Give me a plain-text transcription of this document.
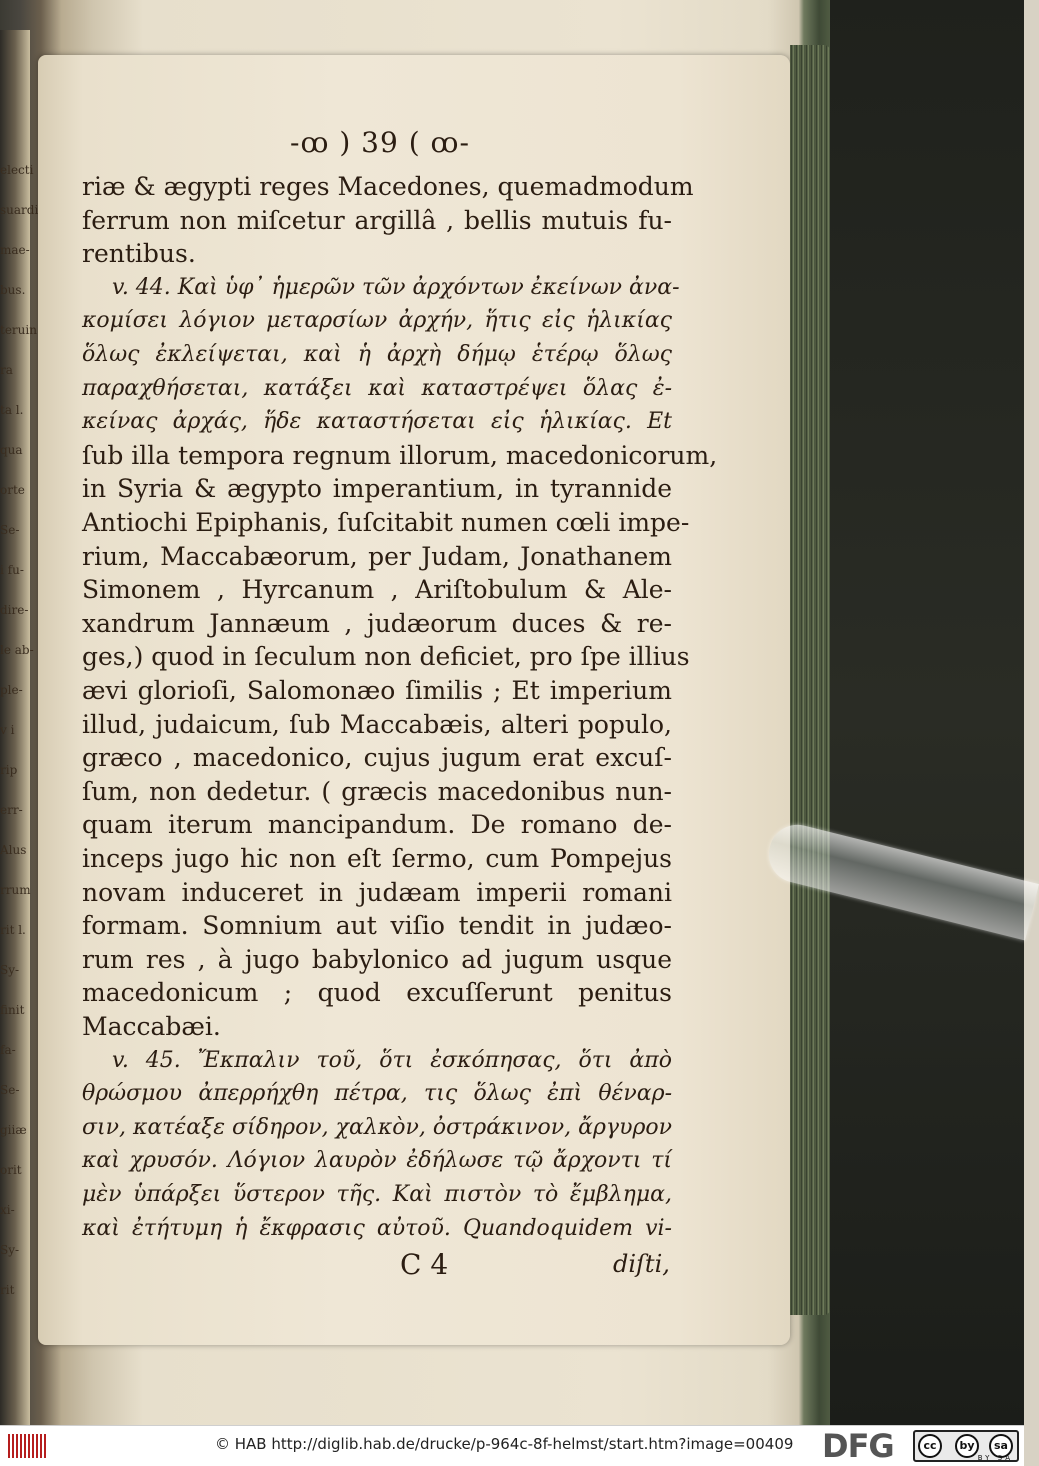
electi
suardi
mae-
bus.
teruin
ra
ta l.
qua
orte
Se-
i fu-
dire-
le ab-
ple-
v i
rip
err-
Alus
rrum
rit l.
Sy-
finit
fa-
Se-
giiæ
orit
xi-
Sy-
rit
-ꝏ ) 39 ( ꝏ-
C 4	diſti,
riæ & ægypti reges Macedones, quemadmodum
ferrum non miſcetur argillâ , bellis mutuis fu-
rentibus.
v. 44. Καὶ ὑφ᾽ ἡμερῶν τῶν ἀρχόντων ἐκείνων ἀνα-
κομίσει λόγιον μεταρσίων ἀρχήν, ἥτις εἰς ἡλικίας
ὅλως ἐκλείψεται, καὶ ἡ ἀρχὴ δήμῳ ἑτέρῳ ὅλως
παραχθήσεται, κατάξει καὶ καταστρέψει ὅλας ἐ-
κείνας ἀρχάς, ἥδε καταστήσεται εἰς ἡλικίας. Et
ſub illa tempora regnum illorum, macedonicorum,
in Syria & ægypto imperantium, in tyrannide
Antiochi Epiphanis, ſuſcitabit numen cœli impe-
rium, Maccabæorum, per Judam, Jonathanem
Simonem , Hyrcanum , Ariſtobulum & Ale-
xandrum Jannæum , judæorum duces & re-
ges,) quod in ſeculum non deficiet, pro ſpe illius
ævi glorioſi, Salomonæo ſimilis ; Et imperium
illud, judaicum, ſub Maccabæis, alteri populo,
græco , macedonico, cujus jugum erat excuſ-
ſum, non dedetur. ( græcis macedonibus nun-
quam iterum mancipandum. De romano de-
inceps jugo hic non eſt ſermo, cum Pompejus
novam induceret in judæam imperii romani
formam. Somnium aut viſio tendit in judæo-
rum res , à jugo babylonico ad jugum usque
macedonicum ; quod excuſſerunt penitus
Maccabæi.
v. 45. Ἔκπαλιν τοῦ, ὅτι ἐσκόπησας, ὅτι ἀπὸ
θρώσμου ἀπερρήχθη πέτρα, τις ὅλως ἐπὶ θέναρ-
σιν, κατέαξε σίδηρον, χαλκὸν, ὀστράκινον, ἄργυρον
καὶ χρυσόν. Λόγιον λαυρὸν ἐδήλωσε τῷ ἄρχοντι τί
μὲν ὑπάρξει ὕστερον τῆς. Καὶ πιστὸν τὸ ἔμβλημα,
καὶ ἐτήτυμη ἡ ἔκφρασις αὐτοῦ. Quandoquidem vi-
© HAB http://diglib.hab.de/drucke/p-964c-8f-helmst/start.htm?image=00409 DFG	cc	by	sa
BY SA
